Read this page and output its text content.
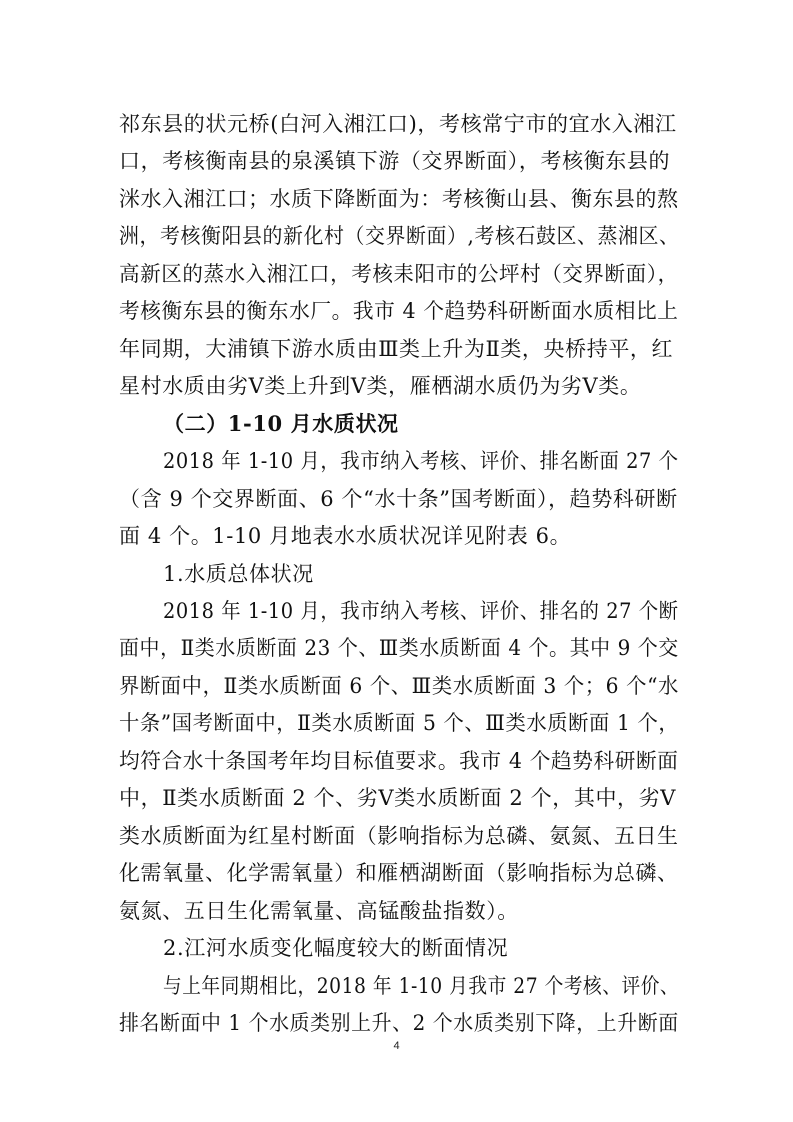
祁东县的状元桥(白河入湘江口)，考核常宁市的宜水入湘江
口，考核衡南县的泉溪镇下游（交界断面），考核衡东县的
洣水入湘江口；水质下降断面为：考核衡山县、衡东县的熬
洲，考核衡阳县的新化村（交界断面）,考核石鼓区、蒸湘区、
高新区的蒸水入湘江口，考核耒阳市的公坪村（交界断面），
考核衡东县的衡东水厂。我市 4 个趋势科研断面水质相比上
年同期，大浦镇下游水质由Ⅲ类上升为Ⅱ类，央桥持平，红
星村水质由劣Ⅴ类上升到Ⅴ类，雁栖湖水质仍为劣Ⅴ类。
（二）1-10 月水质状况
2018 年 1-10 月，我市纳入考核、评价、排名断面 27 个
（含 9 个交界断面、6 个“水十条”国考断面），趋势科研断
面 4 个。1-10 月地表水水质状况详见附表 6。
1.水质总体状况
2018 年 1-10 月，我市纳入考核、评价、排名的 27 个断
面中，Ⅱ类水质断面 23 个、Ⅲ类水质断面 4 个。其中 9 个交
界断面中，Ⅱ类水质断面 6 个、Ⅲ类水质断面 3 个；6 个“水
十条”国考断面中，Ⅱ类水质断面 5 个、Ⅲ类水质断面 1 个，
均符合水十条国考年均目标值要求。我市 4 个趋势科研断面
中，Ⅱ类水质断面 2 个、劣Ⅴ类水质断面 2 个，其中，劣Ⅴ
类水质断面为红星村断面（影响指标为总磷、氨氮、五日生
化需氧量、化学需氧量）和雁栖湖断面（影响指标为总磷、
氨氮、五日生化需氧量、高锰酸盐指数）。
2.江河水质变化幅度较大的断面情况
与上年同期相比，2018 年 1-10 月我市 27 个考核、评价、
排名断面中 1 个水质类别上升、2 个水质类别下降，上升断面
4
